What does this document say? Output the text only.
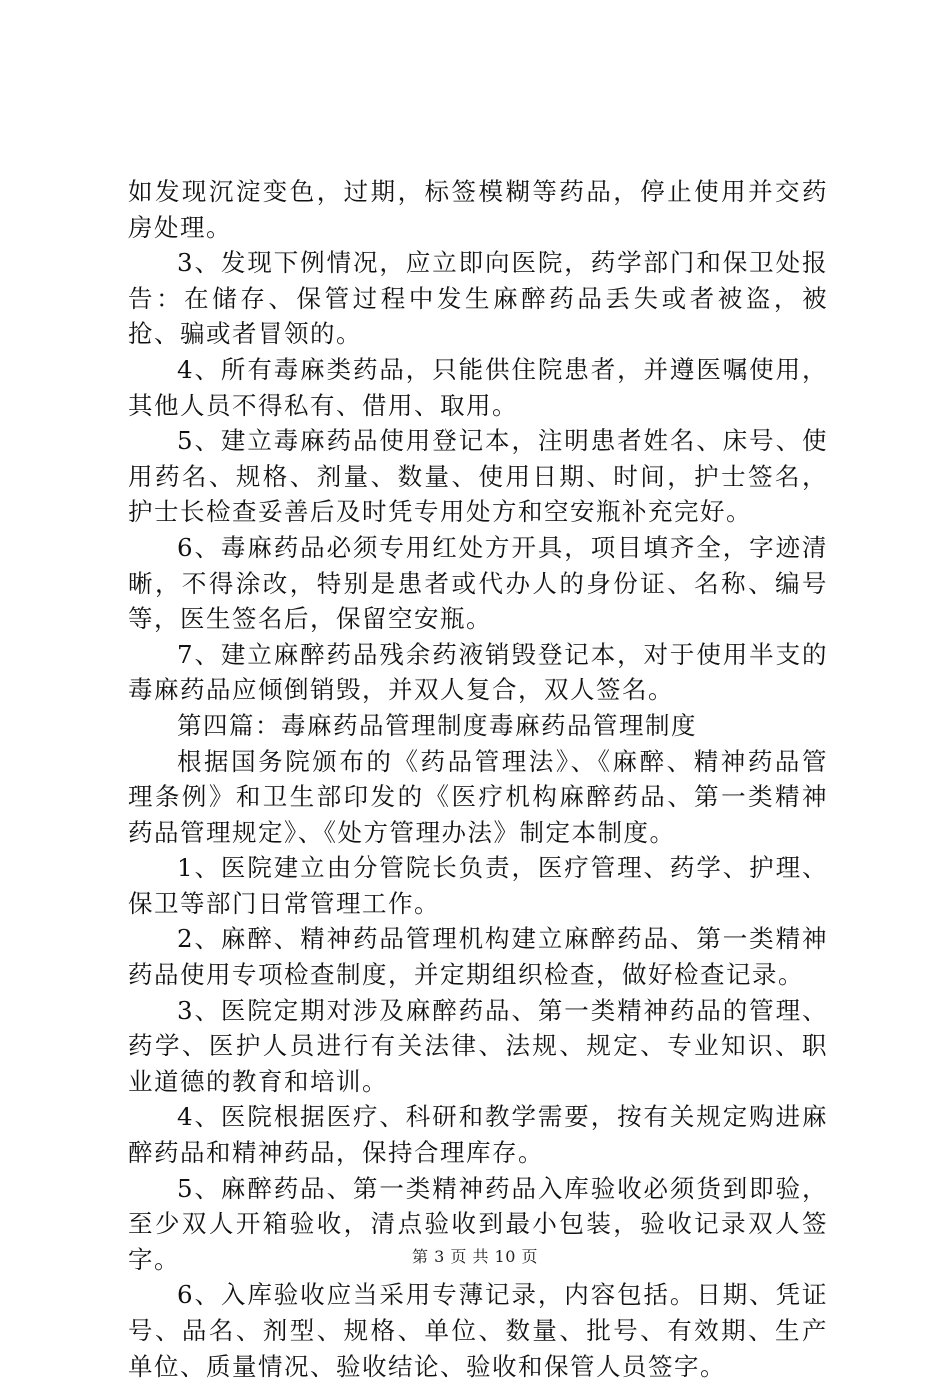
如发现沉淀变色，过期，标签模糊等药品，停止使用并交药房处理。

3、发现下例情况，应立即向医院，药学部门和保卫处报告：在储存、保管过程中发生麻醉药品丢失或者被盗，被抢、骗或者冒领的。

4、所有毒麻类药品，只能供住院患者，并遵医嘱使用，其他人员不得私有、借用、取用。

5、建立毒麻药品使用登记本，注明患者姓名、床号、使用药名、规格、剂量、数量、使用日期、时间，护士签名，护士长检查妥善后及时凭专用处方和空安瓶补充完好。

6、毒麻药品必须专用红处方开具，项目填齐全，字迹清晰，不得涂改，特别是患者或代办人的身份证、名称、编号等，医生签名后，保留空安瓶。

7、建立麻醉药品残余药液销毁登记本，对于使用半支的毒麻药品应倾倒销毁，并双人复合，双人签名。

第四篇：毒麻药品管理制度毒麻药品管理制度

根据国务院颁布的《药品管理法》、《麻醉、精神药品管理条例》和卫生部印发的《医疗机构麻醉药品、第一类精神药品管理规定》、《处方管理办法》制定本制度。

1、医院建立由分管院长负责，医疗管理、药学、护理、保卫等部门日常管理工作。

2、麻醉、精神药品管理机构建立麻醉药品、第一类精神药品使用专项检查制度，并定期组织检查，做好检查记录。

3、医院定期对涉及麻醉药品、第一类精神药品的管理、药学、医护人员进行有关法律、法规、规定、专业知识、职业道德的教育和培训。

4、医院根据医疗、科研和教学需要，按有关规定购进麻醉药品和精神药品，保持合理库存。

5、麻醉药品、第一类精神药品入库验收必须货到即验，至少双人开箱验收，清点验收到最小包装，验收记录双人签字。

6、入库验收应当采用专薄记录，内容包括。日期、凭证号、品名、剂型、规格、单位、数量、批号、有效期、生产单位、质量情况、验收结论、验收和保管人员签字。

第 3 页 共 10 页
